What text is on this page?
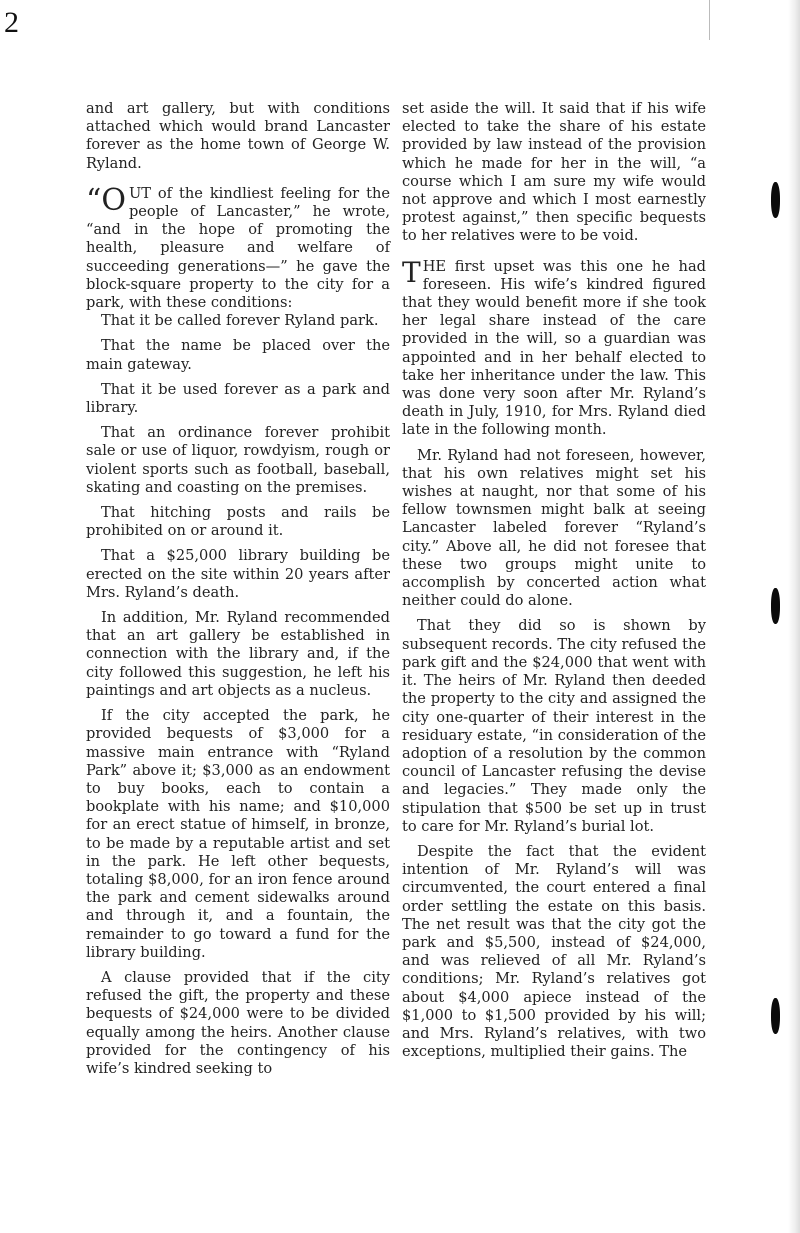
2

and art gallery, but with conditions attached which would brand Lancaster forever as the home town of George W. Ryland.

“OUT of the kindliest feeling for the people of Lancaster,” he wrote, “and in the hope of promoting the health, pleasure and welfare of succeeding generations—” he gave the block-square property to the city for a park, with these conditions:

That it be called forever Ryland park.

That the name be placed over the main gateway.

That it be used forever as a park and library.

That an ordinance forever prohibit sale or use of liquor, rowdyism, rough or violent sports such as football, baseball, skating and coasting on the premises.

That hitching posts and rails be prohibited on or around it.

That a $25,000 library building be erected on the site within 20 years after Mrs. Ryland’s death.

In addition, Mr. Ryland recommended that an art gallery be established in connection with the library and, if the city followed this suggestion, he left his paintings and art objects as a nucleus.

If the city accepted the park, he provided bequests of $3,000 for a massive main entrance with “Ryland Park” above it; $3,000 as an endowment to buy books, each to contain a bookplate with his name; and $10,000 for an erect statue of himself, in bronze, to be made by a reputable artist and set in the park. He left other bequests, totaling $8,000, for an iron fence around the park and cement sidewalks around and through it, and a fountain, the remainder to go toward a fund for the library building.

A clause provided that if the city refused the gift, the property and these bequests of $24,000 were to be divided equally among the heirs. Another clause provided for the contingency of his wife’s kindred seeking to

set aside the will. It said that if his wife elected to take the share of his estate provided by law instead of the provision which he made for her in the will, “a course which I am sure my wife would not approve and which I most earnestly protest against,” then specific bequests to her relatives were to be void.

THE first upset was this one he had foreseen. His wife’s kindred figured that they would benefit more if she took her legal share instead of the care provided in the will, so a guardian was appointed and in her behalf elected to take her inheritance under the law. This was done very soon after Mr. Ryland’s death in July, 1910, for Mrs. Ryland died late in the following month.

Mr. Ryland had not foreseen, however, that his own relatives might set his wishes at naught, nor that some of his fellow townsmen might balk at seeing Lancaster labeled forever “Ryland’s city.” Above all, he did not foresee that these two groups might unite to accomplish by concerted action what neither could do alone.

That they did so is shown by subsequent records. The city refused the park gift and the $24,000 that went with it. The heirs of Mr. Ryland then deeded the property to the city and assigned the city one-quarter of their interest in the residuary estate, “in consideration of the adoption of a resolution by the common council of Lancaster refusing the devise and legacies.” They made only the stipulation that $500 be set up in trust to care for Mr. Ryland’s burial lot.

Despite the fact that the evident intention of Mr. Ryland’s will was circumvented, the court entered a final order settling the estate on this basis. The net result was that the city got the park and $5,500, instead of $24,000, and was relieved of all Mr. Ryland’s conditions; Mr. Ryland’s relatives got about $4,000 apiece instead of the $1,000 to $1,500 provided by his will; and Mrs. Ryland’s relatives, with two exceptions, multiplied their gains. The
